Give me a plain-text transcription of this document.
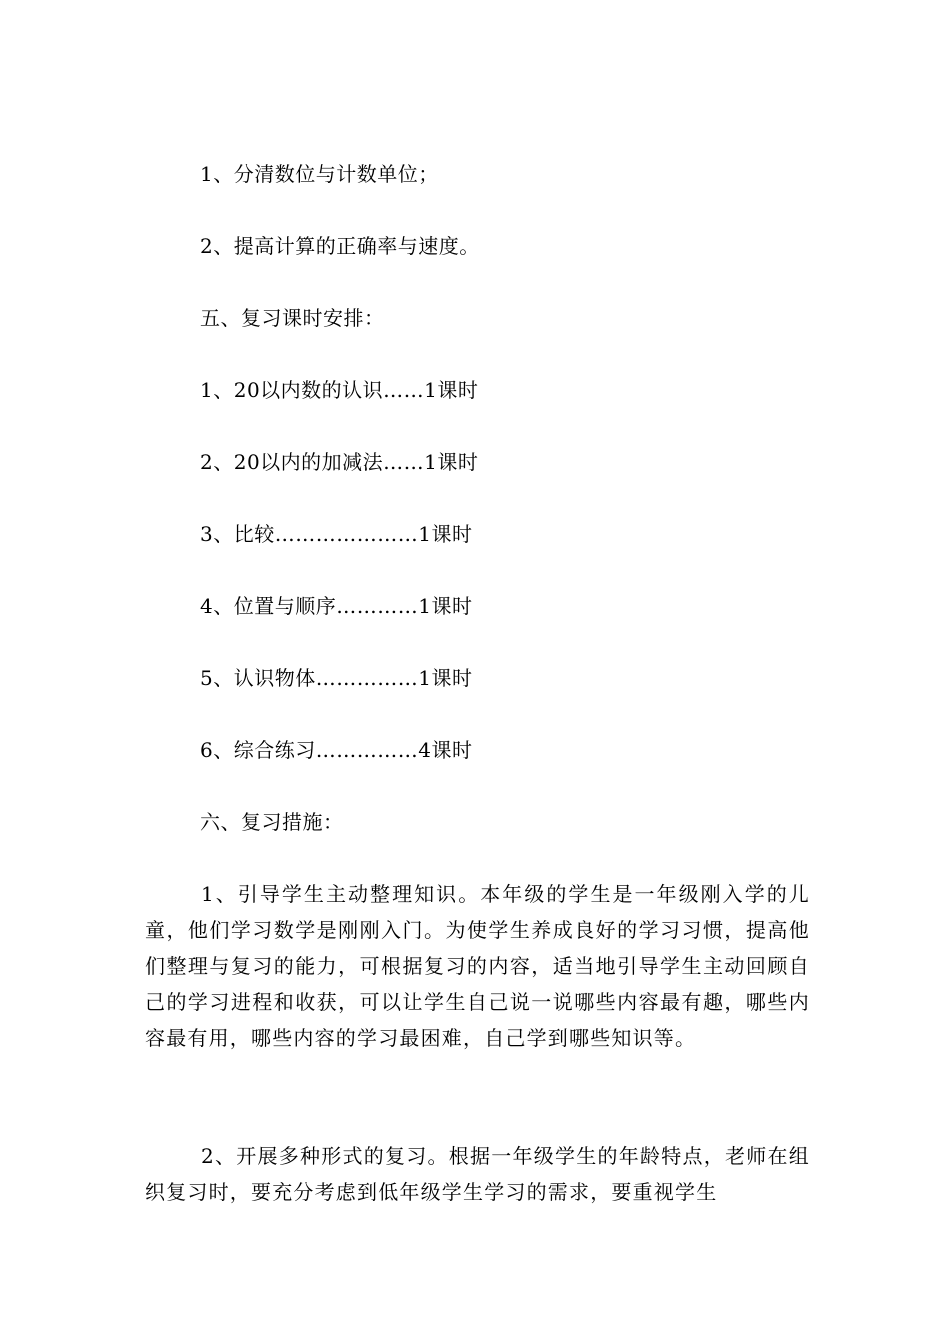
1、分清数位与计数单位；
2、提高计算的正确率与速度。
五、复习课时安排：
1、20以内数的认识……1课时
2、20以内的加减法……1课时
3、比较…………………1课时
4、位置与顺序…………1课时
5、认识物体……………1课时
6、综合练习……………4课时
六、复习措施：
1、引导学生主动整理知识。本年级的学生是一年级刚入学的儿童，他们学习数学是刚刚入门。为使学生养成良好的学习习惯，提高他们整理与复习的能力，可根据复习的内容，适当地引导学生主动回顾自己的学习进程和收获，可以让学生自己说一说哪些内容最有趣，哪些内容最有用，哪些内容的学习最困难，自己学到哪些知识等。
2、开展多种形式的复习。根据一年级学生的年龄特点，老师在组织复习时，要充分考虑到低年级学生学习的需求，要重视学生
